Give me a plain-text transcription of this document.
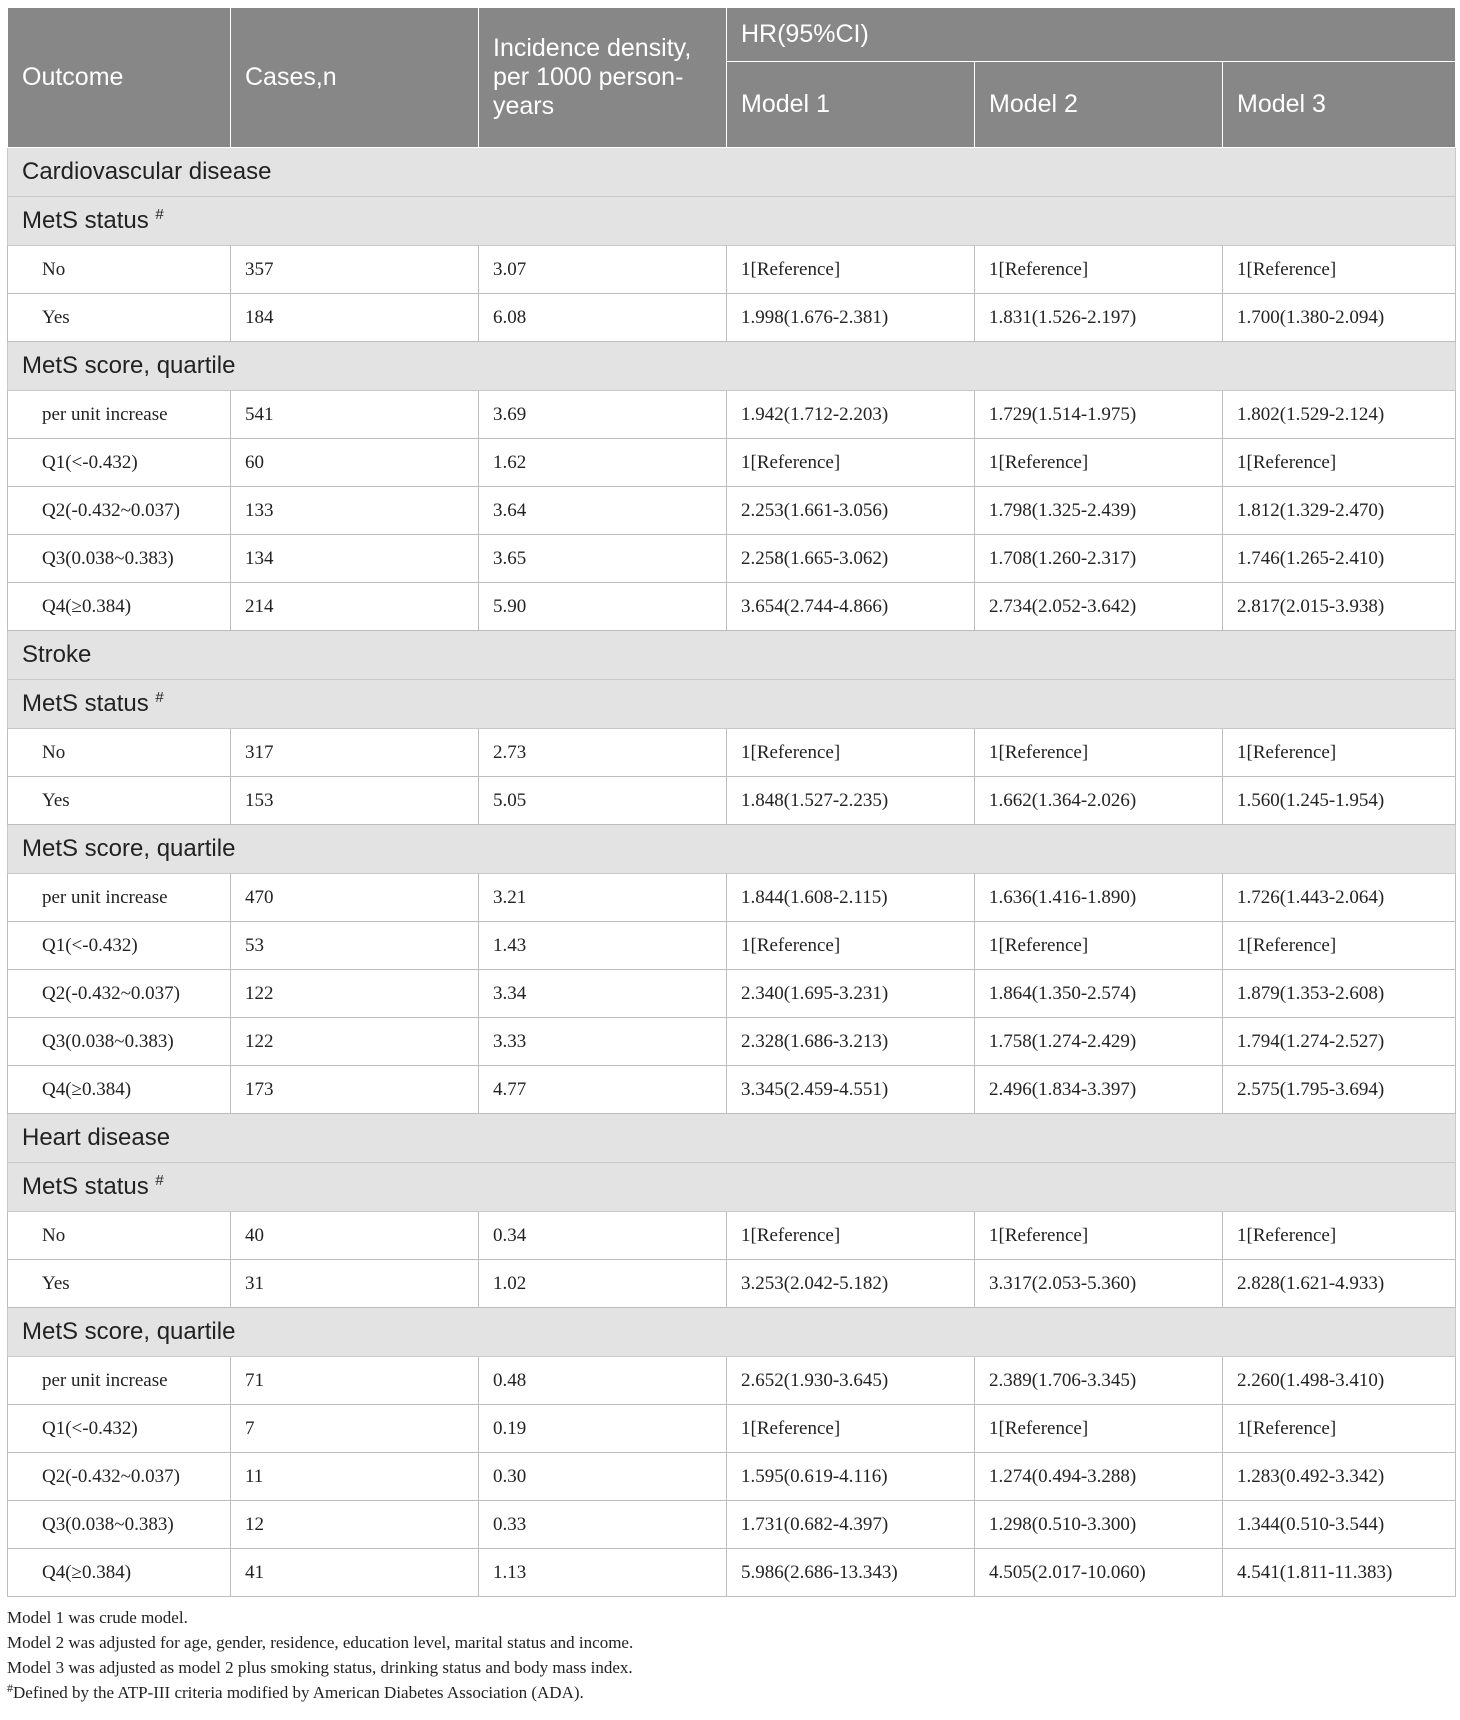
Outcome	Cases,n	Incidence density, per 1000 person-years	HR(95%CI)		
			Model 1	Model 2	Model 3
Cardiovascular disease					
MetS status #
No	357	3.07	1[Reference]	1[Reference]	1[Reference]
Yes	184	6.08	1.998(1.676-2.381)	1.831(1.526-2.197)	1.700(1.380-2.094)
MetS score, quartile					
per unit increase	541	3.69	1.942(1.712-2.203)	1.729(1.514-1.975)	1.802(1.529-2.124)
Q1(<-0.432)	60	1.62	1[Reference]	1[Reference]	1[Reference]
Q2(-0.432~0.037)	133	3.64	2.253(1.661-3.056)	1.798(1.325-2.439)	1.812(1.329-2.470)
Q3(0.038~0.383)	134	3.65	2.258(1.665-3.062)	1.708(1.260-2.317)	1.746(1.265-2.410)
Q4(≥0.384)	214	5.90	3.654(2.744-4.866)	2.734(2.052-3.642)	2.817(2.015-3.938)
Stroke					
MetS status #
No	317	2.73	1[Reference]	1[Reference]	1[Reference]
Yes	153	5.05	1.848(1.527-2.235)	1.662(1.364-2.026)	1.560(1.245-1.954)
MetS score, quartile					
per unit increase	470	3.21	1.844(1.608-2.115)	1.636(1.416-1.890)	1.726(1.443-2.064)
Q1(<-0.432)	53	1.43	1[Reference]	1[Reference]	1[Reference]
Q2(-0.432~0.037)	122	3.34	2.340(1.695-3.231)	1.864(1.350-2.574)	1.879(1.353-2.608)
Q3(0.038~0.383)	122	3.33	2.328(1.686-3.213)	1.758(1.274-2.429)	1.794(1.274-2.527)
Q4(≥0.384)	173	4.77	3.345(2.459-4.551)	2.496(1.834-3.397)	2.575(1.795-3.694)
Heart disease					
MetS status #
No	40	0.34	1[Reference]	1[Reference]	1[Reference]
Yes	31	1.02	3.253(2.042-5.182)	3.317(2.053-5.360)	2.828(1.621-4.933)
MetS score, quartile					
per unit increase	71	0.48	2.652(1.930-3.645)	2.389(1.706-3.345)	2.260(1.498-3.410)
Q1(<-0.432)	7	0.19	1[Reference]	1[Reference]	1[Reference]
Q2(-0.432~0.037)	11	0.30	1.595(0.619-4.116)	1.274(0.494-3.288)	1.283(0.492-3.342)
Q3(0.038~0.383)	12	0.33	1.731(0.682-4.397)	1.298(0.510-3.300)	1.344(0.510-3.544)
Q4(≥0.384)	41	1.13	5.986(2.686-13.343)	4.505(2.017-10.060)	4.541(1.811-11.383)
Model 1 was crude model.
Model 2 was adjusted for age, gender, residence, education level, marital status and income.
Model 3 was adjusted as model 2 plus smoking status, drinking status and body mass index.
#Defined by the ATP-III criteria modified by American Diabetes Association (ADA).
